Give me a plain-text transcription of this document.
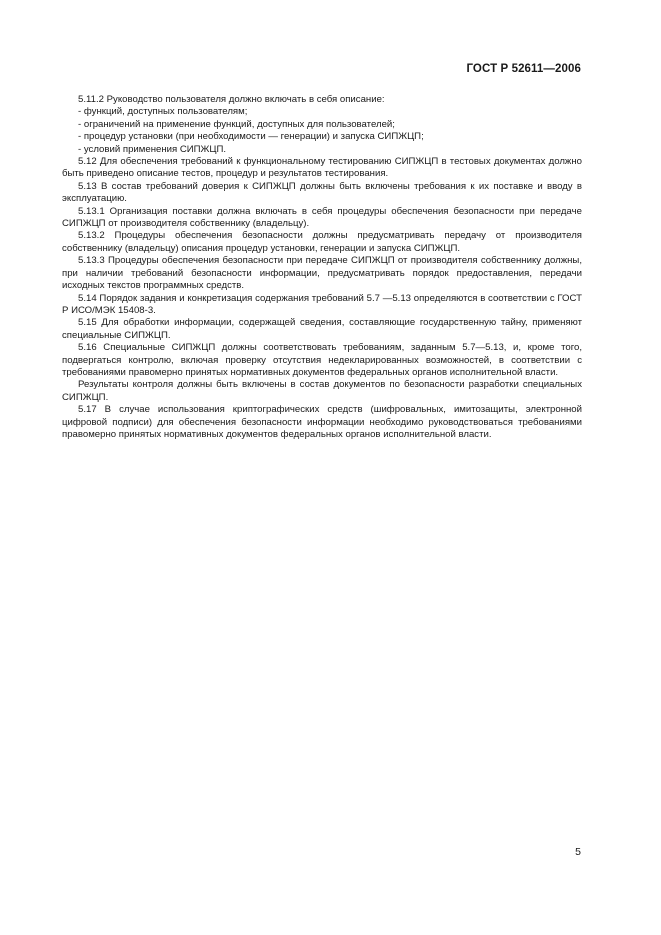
ГОСТ Р 52611—2006

5.11.2 Руководство пользователя должно включать в себя описание:

- функций, доступных пользователям;

- ограничений на применение функций, доступных для пользователей;

- процедур установки (при необходимости — генерации) и запуска СИПЖЦП;

- условий применения СИПЖЦП.

5.12 Для обеспечения требований к функциональному тестированию СИПЖЦП в тестовых документах должно быть приведено описание тестов, процедур и результатов тестирования.

5.13 В состав требований доверия к СИПЖЦП должны быть включены требования к их поставке и вводу в эксплуатацию.

5.13.1 Организация поставки должна включать в себя процедуры обеспечения безопасности при передаче СИПЖЦП от производителя собственнику (владельцу).

5.13.2 Процедуры обеспечения безопасности должны предусматривать передачу от производителя собственнику (владельцу) описания процедур установки, генерации и запуска СИПЖЦП.

5.13.3 Процедуры обеспечения безопасности при передаче СИПЖЦП от производителя собственнику должны, при наличии требований безопасности информации, предусматривать порядок предоставления, передачи исходных текстов программных средств.

5.14 Порядок задания и конкретизация содержания требований 5.7 —5.13 определяются в соответствии с ГОСТ Р ИСО/МЭК 15408-3.

5.15 Для обработки информации, содержащей сведения, составляющие государственную тайну, применяют специальные СИПЖЦП.

5.16 Специальные СИПЖЦП должны соответствовать требованиям, заданным 5.7—5.13, и, кроме того, подвергаться контролю, включая проверку отсутствия недекларированных возможностей, в соответствии с требованиями правомерно принятых нормативных документов федеральных органов исполнительной власти.

Результаты контроля должны быть включены в состав документов по безопасности разработки специальных СИПЖЦП.

5.17 В случае использования криптографических средств (шифровальных, имитозащиты, электронной цифровой подписи) для обеспечения безопасности информации необходимо руководствоваться требованиями правомерно принятых нормативных документов федеральных органов исполнительной власти.

5
